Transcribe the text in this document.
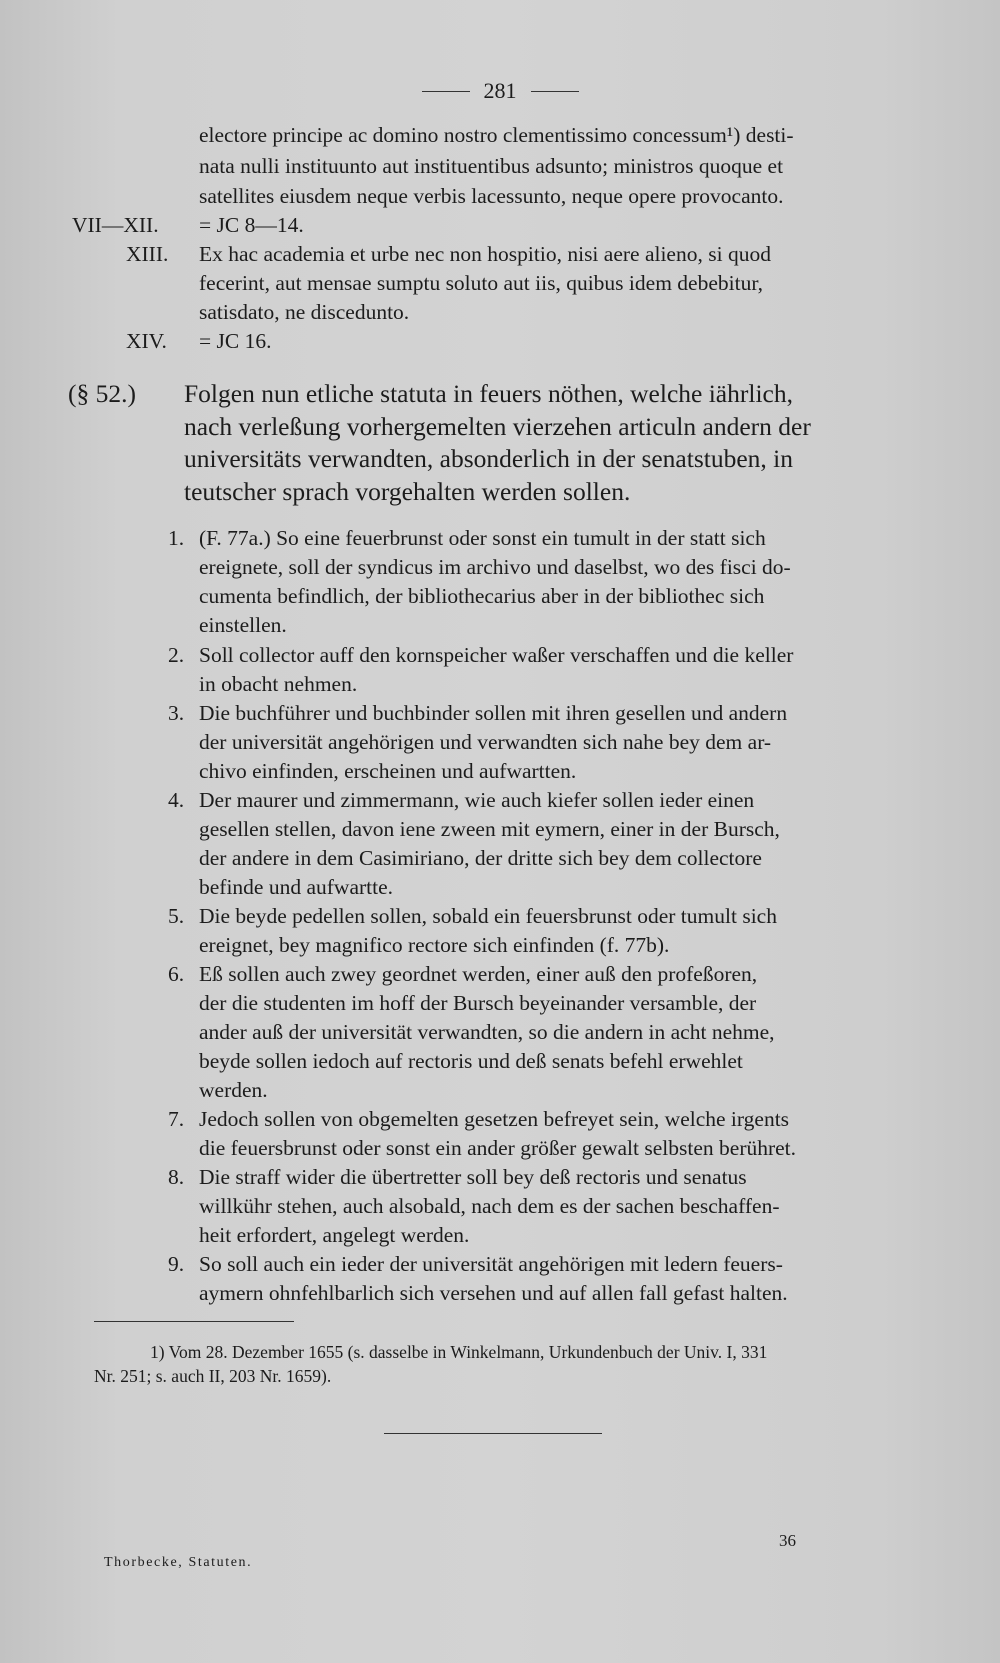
281
electore principe ac domino nostro clementissimo concessum¹) desti-
nata nulli instituunto aut instituentibus adsunto; ministros quoque et
satellites eiusdem neque verbis lacessunto, neque opere provocanto.
VII—XII. = JC 8—14.
XIII. Ex hac academia et urbe nec non hospitio, nisi aere alieno, si quod
fecerint, aut mensae sumptu soluto aut iis, quibus idem debebitur,
satisdato, ne discedunto.
XIV. = JC 16.
(§ 52.) Folgen nun etliche statuta in feuers nöthen, welche iährlich,
nach verleßung vorhergemelten vierzehen articuln andern der
universitäts verwandten, absonderlich in der senatstuben, in
teutscher sprach vorgehalten werden sollen.
1. (F. 77a.) So eine feuerbrunst oder sonst ein tumult in der statt sich
ereignete, soll der syndicus im archivo und daselbst, wo des fisci do-
cumenta befindlich, der bibliothecarius aber in der bibliothec sich
einstellen.
2. Soll collector auff den kornspeicher waßer verschaffen und die keller
in obacht nehmen.
3. Die buchführer und buchbinder sollen mit ihren gesellen und andern
der universität angehörigen und verwandten sich nahe bey dem ar-
chivo einfinden, erscheinen und aufwartten.
4. Der maurer und zimmermann, wie auch kiefer sollen ieder einen
gesellen stellen, davon iene zween mit eymern, einer in der Bursch,
der andere in dem Casimiriano, der dritte sich bey dem collectore
befinde und aufwartte.
5. Die beyde pedellen sollen, sobald ein feuersbrunst oder tumult sich
ereignet, bey magnifico rectore sich einfinden (f. 77b).
6. Eß sollen auch zwey geordnet werden, einer auß den profeßoren,
der die studenten im hoff der Bursch beyeinander versamble, der
ander auß der universität verwandten, so die andern in acht nehme,
beyde sollen iedoch auf rectoris und deß senats befehl erwehlet
werden.
7. Jedoch sollen von obgemelten gesetzen befreyet sein, welche irgents
die feuersbrunst oder sonst ein ander größer gewalt selbsten berühret.
8. Die straff wider die übertretter soll bey deß rectoris und senatus
willkühr stehen, auch alsobald, nach dem es der sachen beschaffen-
heit erfordert, angelegt werden.
9. So soll auch ein ieder der universität angehörigen mit ledern feuers-
aymern ohnfehlbarlich sich versehen und auf allen fall gefast halten.
1) Vom 28. Dezember 1655 (s. dasselbe in Winkelmann, Urkundenbuch der Univ. I, 331
Nr. 251; s. auch II, 203 Nr. 1659).
Thorbecke, Statuten.
36
